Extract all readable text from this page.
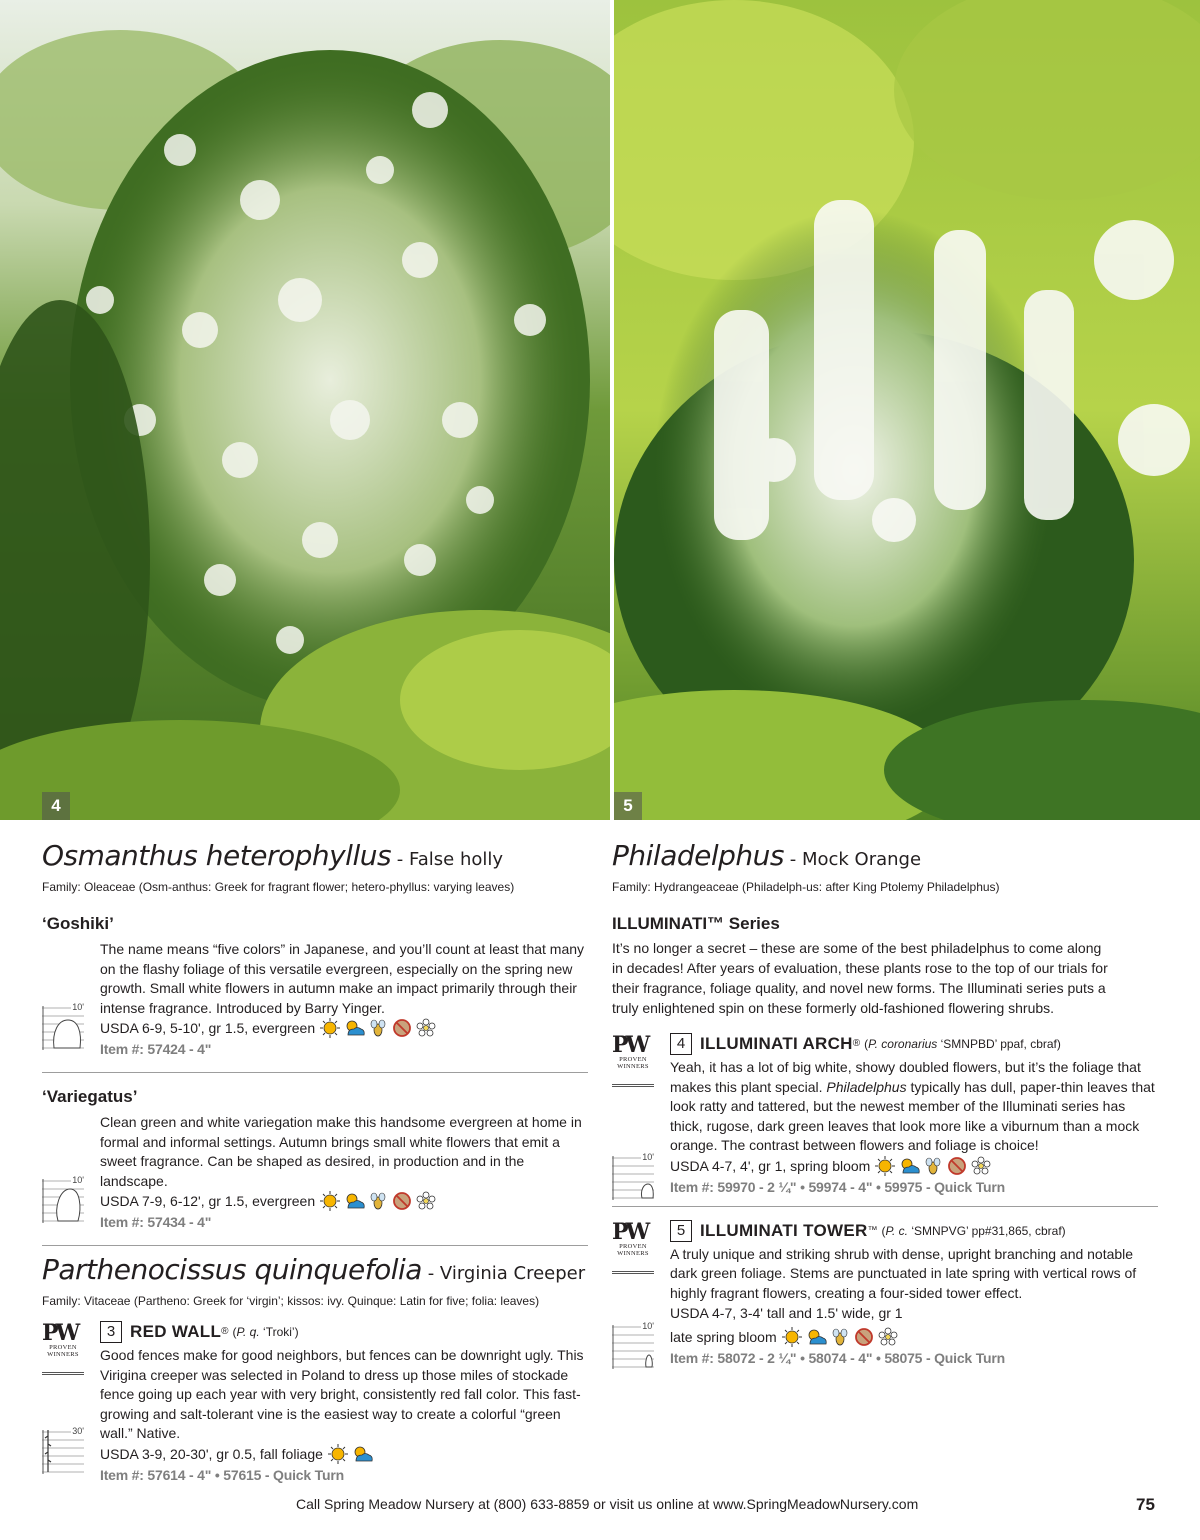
4	5
Osmanthus heterophyllus - False holly
Family: Oleaceae (Osm-anthus: Greek for fragrant flower; hetero-phyllus: varying leaves)
‘Goshiki’
The name means “five colors” in Japanese, and you’ll count at least that many on the flashy foliage of this versatile evergreen, especially on the spring new growth. Small white flowers in autumn make an impact primarily through their intense fragrance. Introduced by Barry Yinger.
10'
USDA 6-9, 5-10', gr 1.5, evergreen
Item #: 57424 - 4"
‘Variegatus’
Clean green and white variegation make this handsome evergreen at home in formal and informal settings. Autumn brings small white flowers that emit a sweet fragrance. Can be shaped as desired, in production and in the landscape.
10'
USDA 7-9, 6-12', gr 1.5, evergreen
Item #: 57434 - 4"
Parthenocissus quinquefolia - Virginia Creeper
Family: Vitaceae (Partheno: Greek for ‘virgin’; kissos: ivy. Quinque: Latin for five; folia: leaves)
PW
PROVEN
WINNERS
3 RED WALL ® (P. q. ‘Troki’)
Good fences make for good neighbors, but fences can be downright ugly. This Virigina creeper was selected in Poland to dress up those miles of stockade fence going up each year with very bright, consistently red fall color. This fast-growing and salt-tolerant vine is the easiest way to create a colorful “green wall.” Native.
30'
USDA 3-9, 20-30', gr 0.5, fall foliage
Item #: 57614 - 4" • 57615 - Quick Turn
Philadelphus - Mock Orange
Family: Hydrangeaceae (Philadelph-us: after King Ptolemy Philadelphus)
ILLUMINATI™ Series
It’s no longer a secret – these are some of the best philadelphus to come along in decades! After years of evaluation, these plants rose to the top of our trials for their fragrance, foliage quality, and novel new forms. The Illuminati series puts a truly enlightened spin on these formerly old-fashioned flowering shrubs.
PW
PROVEN
WINNERS
4 ILLUMINATI ARCH ® (P. coronarius ‘SMNPBD’ ppaf, cbraf)
Yeah, it has a lot of big white, showy doubled flowers, but it’s the foliage that makes this plant special. Philadelphus typically has dull, paper-thin leaves that look ratty and tattered, but the newest member of the Illuminati series has thick, rugose, dark green leaves that look more like a viburnum than a mock orange. The contrast between flowers and foliage is choice!
10'
USDA 4-7, 4', gr 1, spring bloom
Item #: 59970 - 2 ¼" • 59974 - 4" • 59975 - Quick Turn
PW
PROVEN
WINNERS
5 ILLUMINATI TOWER ™ (P. c. ‘SMNPVG’ pp#31,865, cbraf)
A truly unique and striking shrub with dense, upright branching and notable dark green foliage. Stems are punctuated in late spring with vertical rows of highly fragrant flowers, creating a four-sided tower effect.
USDA 4-7, 3-4' tall and 1.5' wide, gr 1
10'
late spring bloom
Item #: 58072 - 2 ¼" • 58074 - 4" • 58075 - Quick Turn
Call Spring Meadow Nursery at (800) 633-8859 or visit us online at www.SpringMeadowNursery.com	75
